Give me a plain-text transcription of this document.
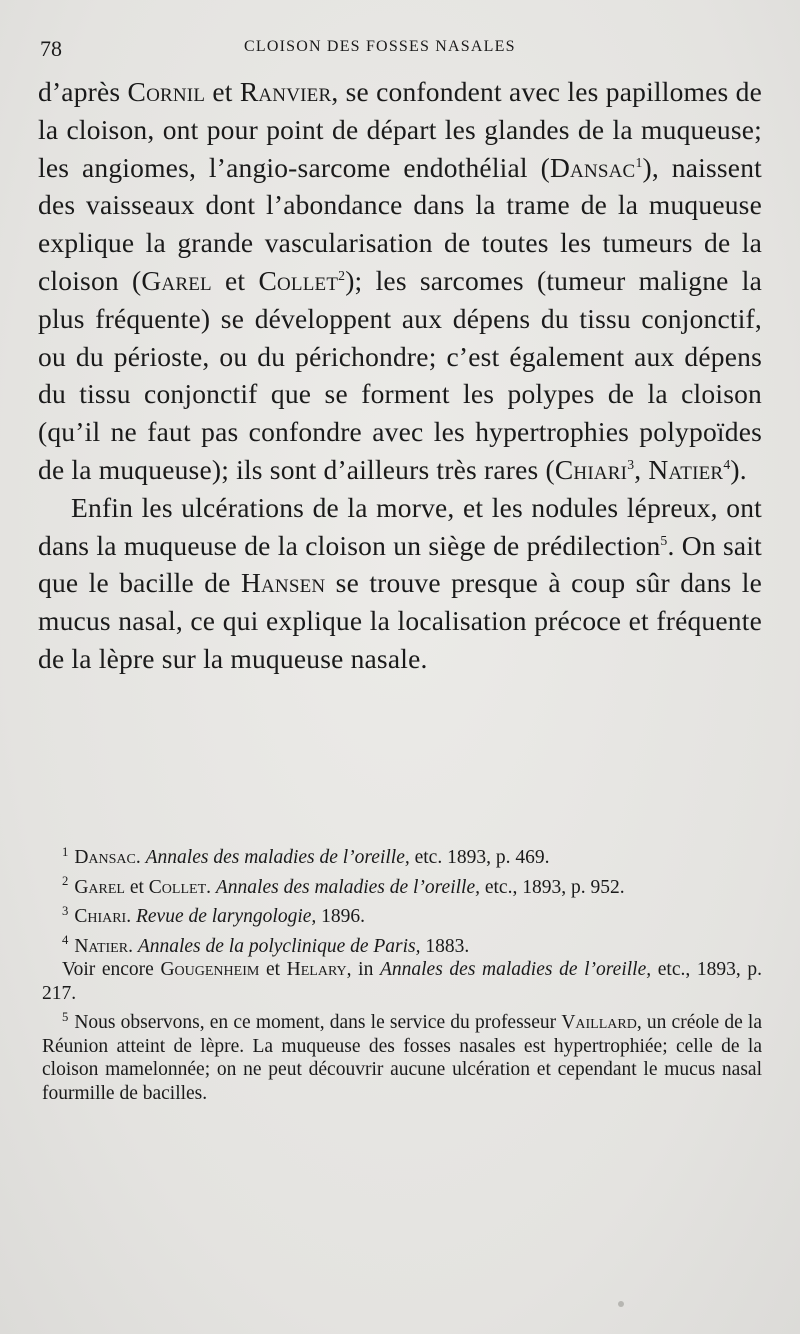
78	CLOISON DES FOSSES NASALES

d’après Cornil et Ranvier, se confondent avec les papillomes de la cloison, ont pour point de départ les glandes de la muqueuse; les angiomes, l’angio-sarcome endothélial (Dansac$^1$), naissent des vaisseaux dont l’abondance dans la trame de la muqueuse explique la grande vascularisation de toutes les tumeurs de la cloison (Garel et Collet$^2$); les sarcomes (tumeur maligne la plus fréquente) se développent aux dépens du tissu conjonctif, ou du périoste, ou du périchondre; c’est également aux dépens du tissu conjonctif que se forment les polypes de la cloison (qu’il ne faut pas confondre avec les hypertrophies polypoïdes de la muqueuse); ils sont d’ailleurs très rares (Chiari$^3$, Natier$^4$).

Enfin les ulcérations de la morve, et les nodules lépreux, ont dans la muqueuse de la cloison un siège de prédilection$^5$. On sait que le bacille de Hansen se trouve presque à coup sûr dans le mucus nasal, ce qui explique la localisation précoce et fréquente de la lèpre sur la muqueuse nasale.

$^1$ Dansac. Annales des maladies de l’oreille, etc. 1893, p. 469.

$^2$ Garel et Collet. Annales des maladies de l’oreille, etc., 1893, p. 952.

$^3$ Chiari. Revue de laryngologie, 1896.

$^4$ Natier. Annales de la polyclinique de Paris, 1883.

Voir encore Gougenheim et Helary, in Annales des maladies de l’oreille, etc., 1893, p. 217.

$^5$ Nous observons, en ce moment, dans le service du professeur Vaillard, un créole de la Réunion atteint de lèpre. La muqueuse des fosses nasales est hypertrophiée; celle de la cloison mamelonnée; on ne peut découvrir aucune ulcération et cependant le mucus nasal fourmille de bacilles.
